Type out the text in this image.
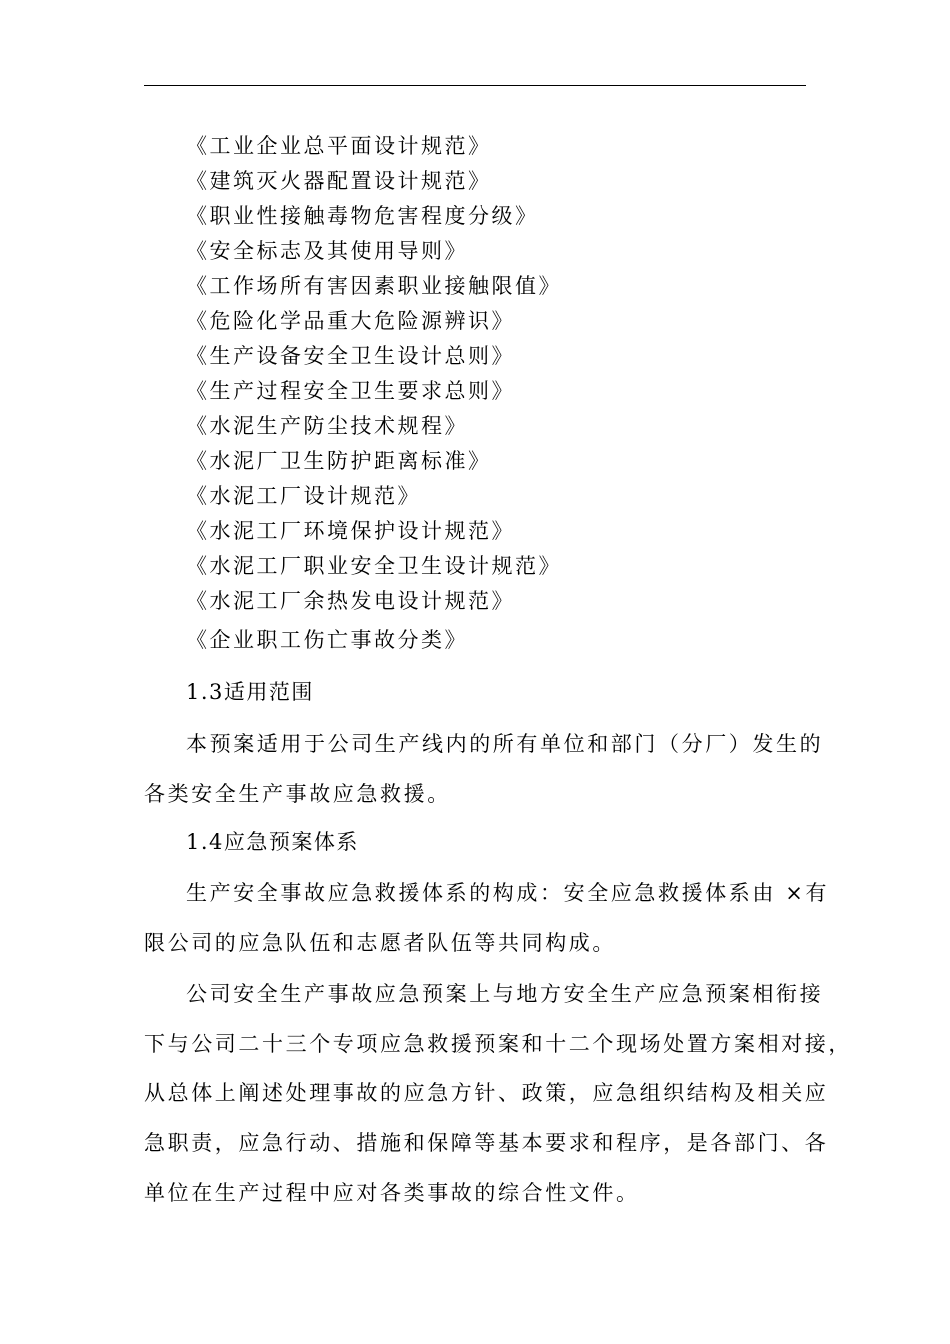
《工业企业总平面设计规范》
《建筑灭火器配置设计规范》
《职业性接触毒物危害程度分级》
《安全标志及其使用导则》
《工作场所有害因素职业接触限值》
《危险化学品重大危险源辨识》
《生产设备安全卫生设计总则》
《生产过程安全卫生要求总则》
《水泥生产防尘技术规程》
《水泥厂卫生防护距离标准》
《水泥工厂设计规范》
《水泥工厂环境保护设计规范》
《水泥工厂职业安全卫生设计规范》
《水泥工厂余热发电设计规范》
《企业职工伤亡事故分类》
1.3适用范围
本预案适用于公司生产线内的所有单位和部门（分厂）发生的
各类安全生产事故应急救援。
1.4应急预案体系
生产安全事故应急救援体系的构成：安全应急救援体系由 ×有
限公司的应急队伍和志愿者队伍等共同构成。
公司安全生产事故应急预案上与地方安全生产应急预案相衔接
下与公司二十三个专项应急救援预案和十二个现场处置方案相对接，
从总体上阐述处理事故的应急方针、政策，应急组织结构及相关应
急职责，应急行动、措施和保障等基本要求和程序，是各部门、各
单位在生产过程中应对各类事故的综合性文件。
